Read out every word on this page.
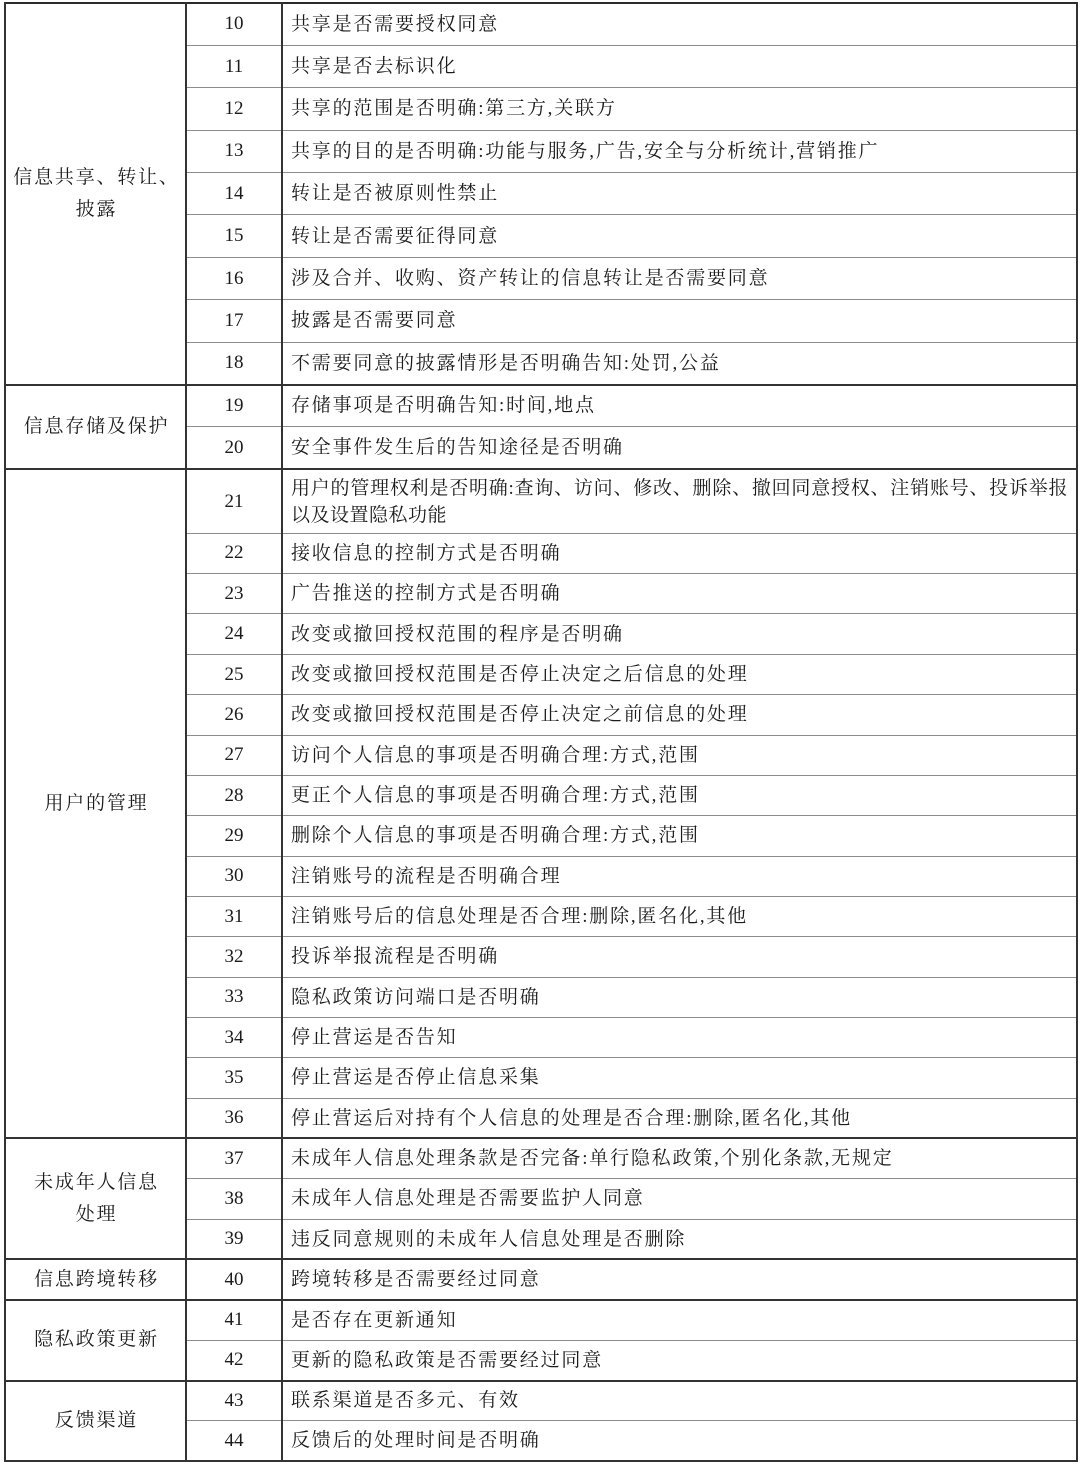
信息共享、转让、
披露	10	共享是否需要授权同意
	11	共享是否去标识化
	12	共享的范围是否明确:第三方,关联方
	13	共享的目的是否明确:功能与服务,广告,安全与分析统计,营销推广
	14	转让是否被原则性禁止
	15	转让是否需要征得同意
	16	涉及合并、收购、资产转让的信息转让是否需要同意
	17	披露是否需要同意
	18	不需要同意的披露情形是否明确告知:处罚,公益
信息存储及保护	19	存储事项是否明确告知:时间,地点
	20	安全事件发生后的告知途径是否明确
用户的管理	21	用户的管理权利是否明确:查询、访问、修改、删除、撤回同意授权、注销账号、投诉举报以及设置隐私功能
	22	接收信息的控制方式是否明确
	23	广告推送的控制方式是否明确
	24	改变或撤回授权范围的程序是否明确
	25	改变或撤回授权范围是否停止决定之后信息的处理
	26	改变或撤回授权范围是否停止决定之前信息的处理
	27	访问个人信息的事项是否明确合理:方式,范围
	28	更正个人信息的事项是否明确合理:方式,范围
	29	删除个人信息的事项是否明确合理:方式,范围
	30	注销账号的流程是否明确合理
	31	注销账号后的信息处理是否合理:删除,匿名化,其他
	32	投诉举报流程是否明确
	33	隐私政策访问端口是否明确
	34	停止营运是否告知
	35	停止营运是否停止信息采集
	36	停止营运后对持有个人信息的处理是否合理:删除,匿名化,其他
未成年人信息
处理	37	未成年人信息处理条款是否完备:单行隐私政策,个别化条款,无规定
	38	未成年人信息处理是否需要监护人同意
	39	违反同意规则的未成年人信息处理是否删除
信息跨境转移	40	跨境转移是否需要经过同意
隐私政策更新	41	是否存在更新通知
	42	更新的隐私政策是否需要经过同意
反馈渠道	43	联系渠道是否多元、有效
	44	反馈后的处理时间是否明确
